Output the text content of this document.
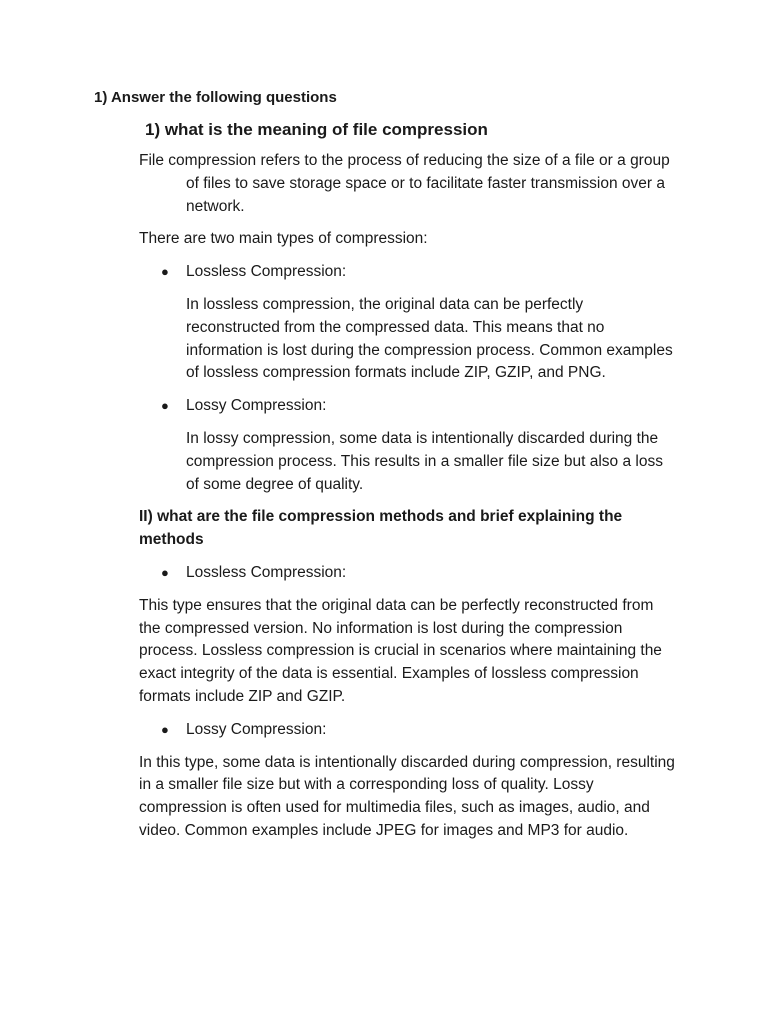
1) Answer the following questions
1) what is the meaning of file compression

File compression refers to the process of reducing the size of a file or a group of files to save storage space or to facilitate faster transmission over a network.

There are two main types of compression:

●	Lossless Compression:

In lossless compression, the original data can be perfectly reconstructed from the compressed data. This means that no information is lost during the compression process. Common examples of lossless compression formats include ZIP, GZIP, and PNG.

●	Lossy Compression:

In lossy compression, some data is intentionally discarded during the compression process. This results in a smaller file size but also a loss of some degree of quality.

II) what are the file compression methods and brief explaining the methods

●	Lossless Compression:

This type ensures that the original data can be perfectly reconstructed from the compressed version. No information is lost during the compression process. Lossless compression is crucial in scenarios where maintaining the exact integrity of the data is essential. Examples of lossless compression formats include ZIP and GZIP.

●	Lossy Compression:

In this type, some data is intentionally discarded during compression, resulting in a smaller file size but with a corresponding loss of quality. Lossy compression is often used for multimedia files, such as images, audio, and video. Common examples include JPEG for images and MP3 for audio.
